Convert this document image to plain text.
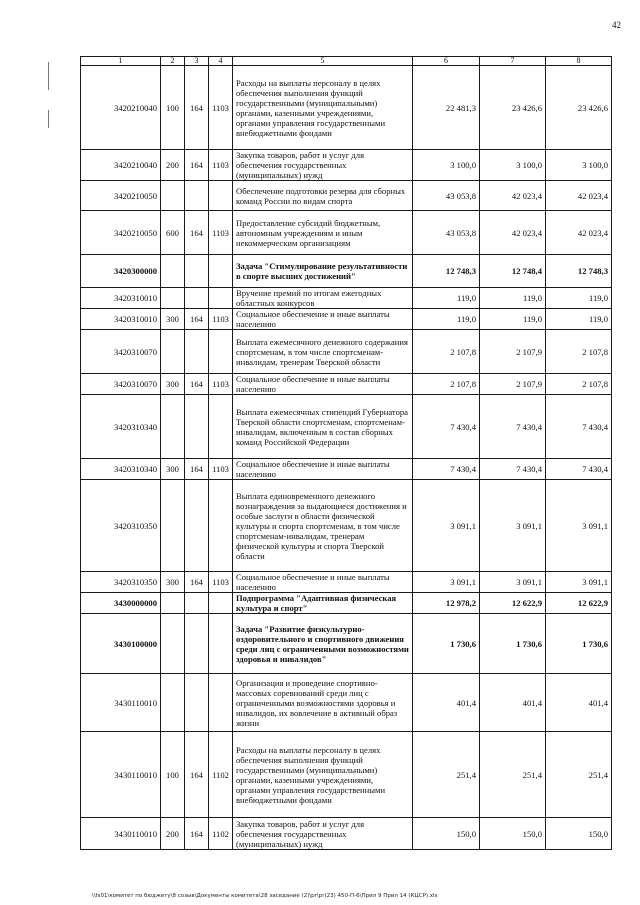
42
1	2	3	4	5	6	7	8
3420210040	100	164	1103	Расходы на выплаты персоналу в целях обеспечения выполнения функций государственными (муниципальными) органами, казенными учреждениями, органами управления государственными внебюджетными фондами	22 481,3	23 426,6	23 426,6
3420210040	200	164	1103	Закупка товаров, работ и услуг для обеспечения государственных (муниципальных) нужд	3 100,0	3 100,0	3 100,0
3420210050				Обеспечение подготовки резерва для сборных команд России по видам спорта	43 053,8	42 023,4	42 023,4
3420210050	600	164	1103	Предоставление субсидий бюджетным, автономным учреждениям и иным некоммерческим организациям	43 053,8	42 023,4	42 023,4
3420300000				Задача "Стимулирование результативности в спорте высших достижений"	12 748,3	12 748,4	12 748,3
3420310010				Вручение премий по итогам ежегодных областных конкурсов	119,0	119,0	119,0
3420310010	300	164	1103	Социальное обеспечение и иные выплаты населению	119,0	119,0	119,0
3420310070				Выплата ежемесячного денежного содержания спортсменам, в том числе спортсменам-инвалидам, тренерам Тверской области	2 107,8	2 107,9	2 107,8
3420310070	300	164	1103	Социальное обеспечение и иные выплаты населению	2 107,8	2 107,9	2 107,8
3420310340				Выплата ежемесячных стипендий Губернатора Тверской области спортсменам, спортсменам-инвалидам, включенным в состав сборных команд Российской Федерации	7 430,4	7 430,4	7 430,4
3420310340	300	164	1103	Социальное обеспечение и иные выплаты населению	7 430,4	7 430,4	7 430,4
3420310350				Выплата единовременного денежного вознаграждения за выдающиеся достижения и особые заслуги в области физической культуры и спорта спортсменам, в том числе спортсменам-инвалидам, тренерам физической культуры и спорта Тверской области	3 091,1	3 091,1	3 091,1
3420310350	300	164	1103	Социальное обеспечение и иные выплаты населению	3 091,1	3 091,1	3 091,1
3430000000				Подпрограмма "Адаптивная физическая культура и спорт"	12 978,2	12 622,9	12 622,9
3430100000				Задача "Развитие физкультурно-оздоровительного и спортивного движения среди лиц с ограниченными возможностями здоровья и инвалидов"	1 730,6	1 730,6	1 730,6
3430110010				Организация и проведение спортивно-массовых соревнований среди лиц с ограниченными возможностями здоровья и инвалидов, их вовлечение в активный образ жизни	401,4	401,4	401,4
3430110010	100	164	1102	Расходы на выплаты персоналу в целях обеспечения выполнения функций государственными (муниципальными) органами, казенными учреждениями, органами управления государственными внебюджетными фондами	251,4	251,4	251,4
3430110010	200	164	1102	Закупка товаров, работ и услуг для обеспечения государственных (муниципальных) нужд	150,0	150,0	150,0
\\fs01\комитет по бюджету\8 созыв\Документы комитета\28 заседание (2)\pr\pr(23) 450-П-6\Прил 9 Прил 14 (КЦСР).xls
